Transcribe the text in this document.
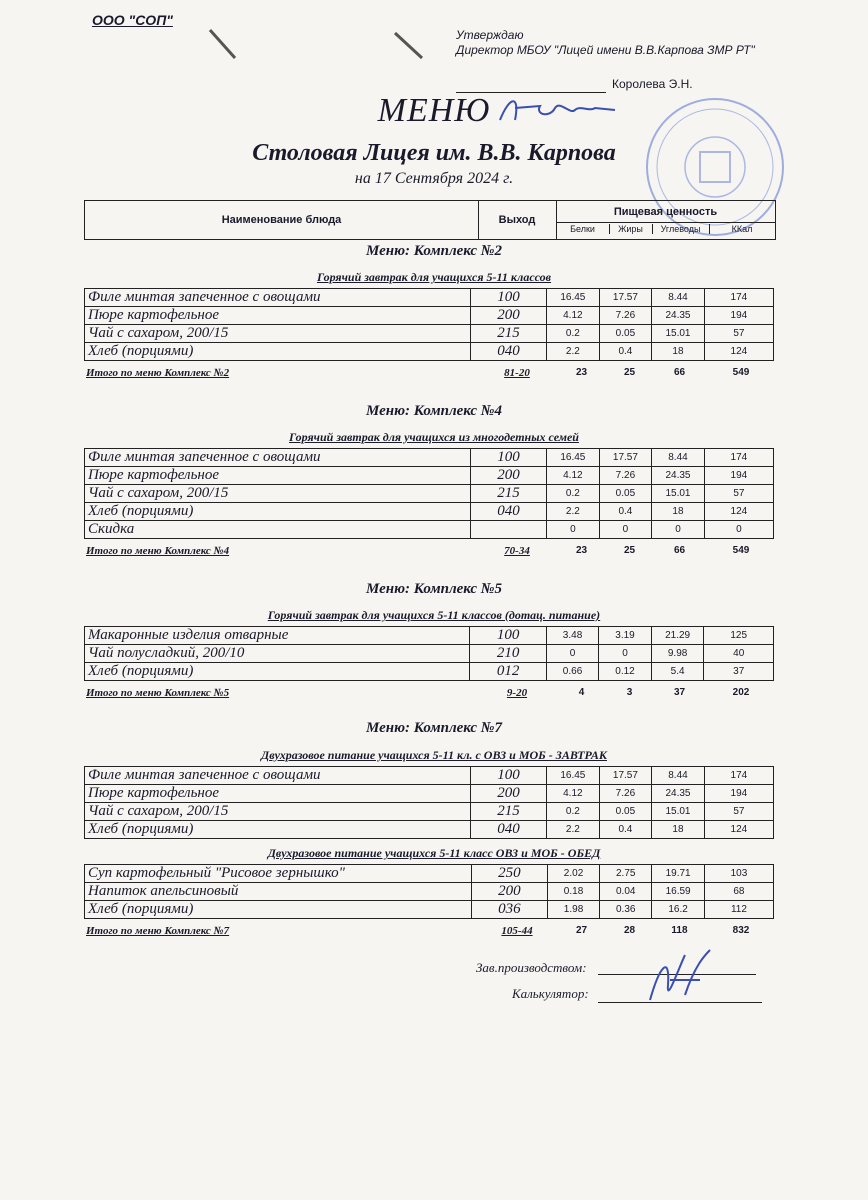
ООО "СОП"
Утверждаю
Директор МБОУ "Лицей имени В.В.Карпова ЗМР РТ"
Королева Э.Н.
МЕНЮ
Столовая Лицея им. В.В. Карпова
на 17 Сентября 2024 г.
Наименование блюда	Выход
Пищевая ценность
Белки	Жиры	Углеводы	ККал
Меню: Комплекс №2
Горячий завтрак для учащихся 5-11 классов
Филе минтая запеченное с овощами	100	16.45	17.57	8.44	174
Пюре картофельное	200	4.12	7.26	24.35	194
Чай с сахаром, 200/15	215	0.2	0.05	15.01	57
Хлеб (порциями)	040	2.2	0.4	18	124
Итого по меню Комплекс №2	81-20	23	25	66	549
Меню: Комплекс №4
Горячий завтрак для учащихся из многодетных семей
Филе минтая запеченное с овощами	100	16.45	17.57	8.44	174
Пюре картофельное	200	4.12	7.26	24.35	194
Чай с сахаром, 200/15	215	0.2	0.05	15.01	57
Хлеб (порциями)	040	2.2	0.4	18	124
Скидка		0	0	0	0
Итого по меню Комплекс №4	70-34	23	25	66	549
Меню: Комплекс №5
Горячий завтрак для учащихся 5-11 классов (дотац. питание)
Макаронные изделия отварные	100	3.48	3.19	21.29	125
Чай полусладкий, 200/10	210	0	0	9.98	40
Хлеб (порциями)	012	0.66	0.12	5.4	37
Итого по меню Комплекс №5	9-20	4	3	37	202
Меню: Комплекс №7
Двухразовое питание учащихся 5-11 кл. с ОВЗ и МОБ - ЗАВТРАК
Филе минтая запеченное с овощами	100	16.45	17.57	8.44	174
Пюре картофельное	200	4.12	7.26	24.35	194
Чай с сахаром, 200/15	215	0.2	0.05	15.01	57
Хлеб (порциями)	040	2.2	0.4	18	124
Двухразовое питание учащихся 5-11 класс ОВЗ и МОБ - ОБЕД
Суп картофельный "Рисовое зернышко"	250	2.02	2.75	19.71	103
Напиток апельсиновый	200	0.18	0.04	16.59	68
Хлеб (порциями)	036	1.98	0.36	16.2	112
Итого по меню Комплекс №7	105-44	27	28	118	832
Зав.производством:
Калькулятор:
